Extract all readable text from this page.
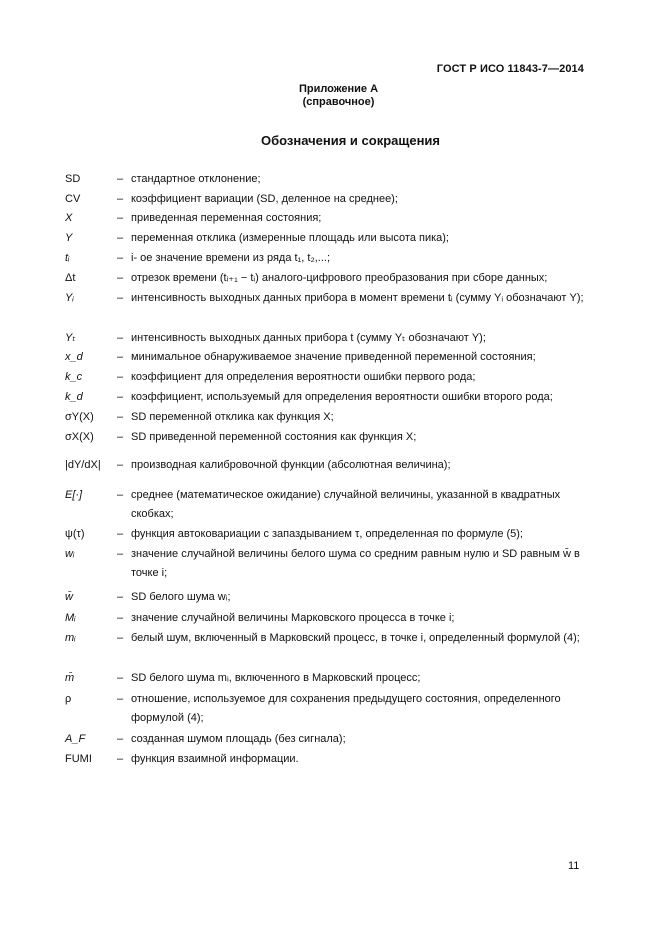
ГОСТ Р ИСО 11843-7—2014
Приложение А
(справочное)
Обозначения и сокращения
SD	– стандартное отклонение;
CV	– коэффициент вариации (SD, деленное на среднее);
X	– приведенная переменная состояния;
Y	– переменная отклика (измеренные площадь или высота пика);
tᵢ	– i- ое значение времени из ряда t₁, t₂,...;
Δt	– отрезок времени (tᵢ₊₁ − tᵢ) аналого-цифрового преобразования при сборе данных;
Yᵢ	– интенсивность выходных данных прибора в момент времени tᵢ (сумму Yᵢ обозначают Y);
Yₜ	– интенсивность выходных данных прибора t (сумму Yₜ обозначают Y);
x_d	– минимальное обнаруживаемое значение приведенной переменной состояния;
k_c	– коэффициент для определения вероятности ошибки первого рода;
k_d	– коэффициент, используемый для определения вероятности ошибки второго рода;
σY(X)	– SD переменной отклика как функция X;
σX(X)	– SD приведенной переменной состояния как функция X;
|dY/dX|	– производная калибровочной функции (абсолютная величина);
E[·]	– среднее (математическое ожидание) случайной величины, указанной в квадратных скобках;
ψ(τ)	– функция автоковариации с запаздыванием τ, определенная по формуле (5);
wᵢ	– значение случайной величины белого шума со средним равным нулю и SD равным w̄ в точке i;
w̄	– SD белого шума wᵢ;
Mᵢ	– значение случайной величины Марковского процесса в точке i;
mᵢ	– белый шум, включенный в Марковский процесс, в точке i, определенный формулой (4);
m̄	– SD белого шума mᵢ, включенного в Марковский процесс;
ρ	– отношение, используемое для сохранения предыдущего состояния, определенного формулой (4);
A_F	– созданная шумом площадь (без сигнала);
FUMI	– функция взаимной информации.
11
